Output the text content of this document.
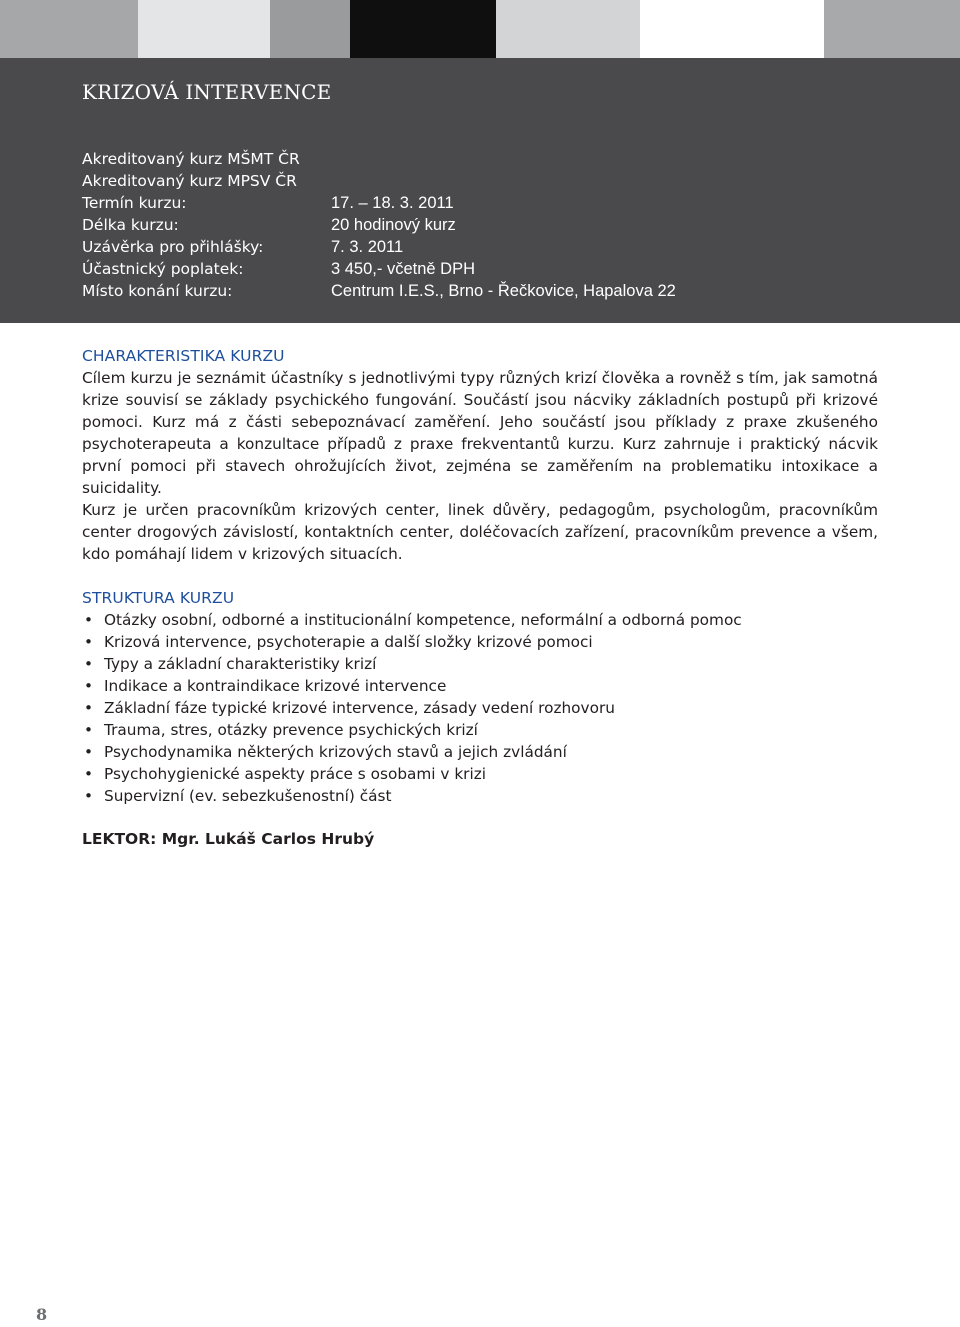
KRIZOVÁ INTERVENCE
Akreditovaný kurz MŠMT ČR
Akreditovaný kurz MPSV ČR
Termín kurzu:	17. – 18. 3. 2011
Délka kurzu:	20 hodinový kurz
Uzávěrka pro přihlášky:	7. 3. 2011
Účastnický poplatek:	3 450,- včetně DPH
Místo konání kurzu:	Centrum I.E.S., Brno - Řečkovice, Hapalova 22
CHARAKTERISTIKA KURZU

Cílem kurzu je seznámit účastníky s jednotlivými typy různých krizí člověka a rovněž s tím, jak samotná krize souvisí se základy psychického fungování. Součástí jsou nácviky základních postupů při krizové pomoci. Kurz má z části sebepoznávací zaměření. Jeho součástí jsou příklady z praxe zkušeného psychoterapeuta a konzultace případů z praxe frekventantů kurzu. Kurz zahrnuje i praktický nácvik první pomoci při stavech ohrožujících život, zejména se zaměřením na problematiku intoxikace a suicidality.

Kurz je určen pracovníkům krizových center, linek důvěry, pedagogům, psychologům, pracovníkům center drogových závislostí, kontaktních center, doléčovacích zařízení, pracovníkům prevence a všem, kdo pomáhají lidem v krizových situacích.

STRUKTURA KURZU
• Otázky osobní, odborné a institucionální kompetence, neformální a odborná pomoc
• Krizová intervence, psychoterapie a další složky krizové pomoci
• Typy a základní charakteristiky krizí
• Indikace a kontraindikace krizové intervence
• Základní fáze typické krizové intervence, zásady vedení rozhovoru
• Trauma, stres, otázky prevence psychických krizí
• Psychodynamika některých krizových stavů a jejich zvládání
• Psychohygienické aspekty práce s osobami v krizi
• Supervizní (ev. sebezkušenostní) část
LEKTOR: Mgr. Lukáš Carlos Hrubý
8
